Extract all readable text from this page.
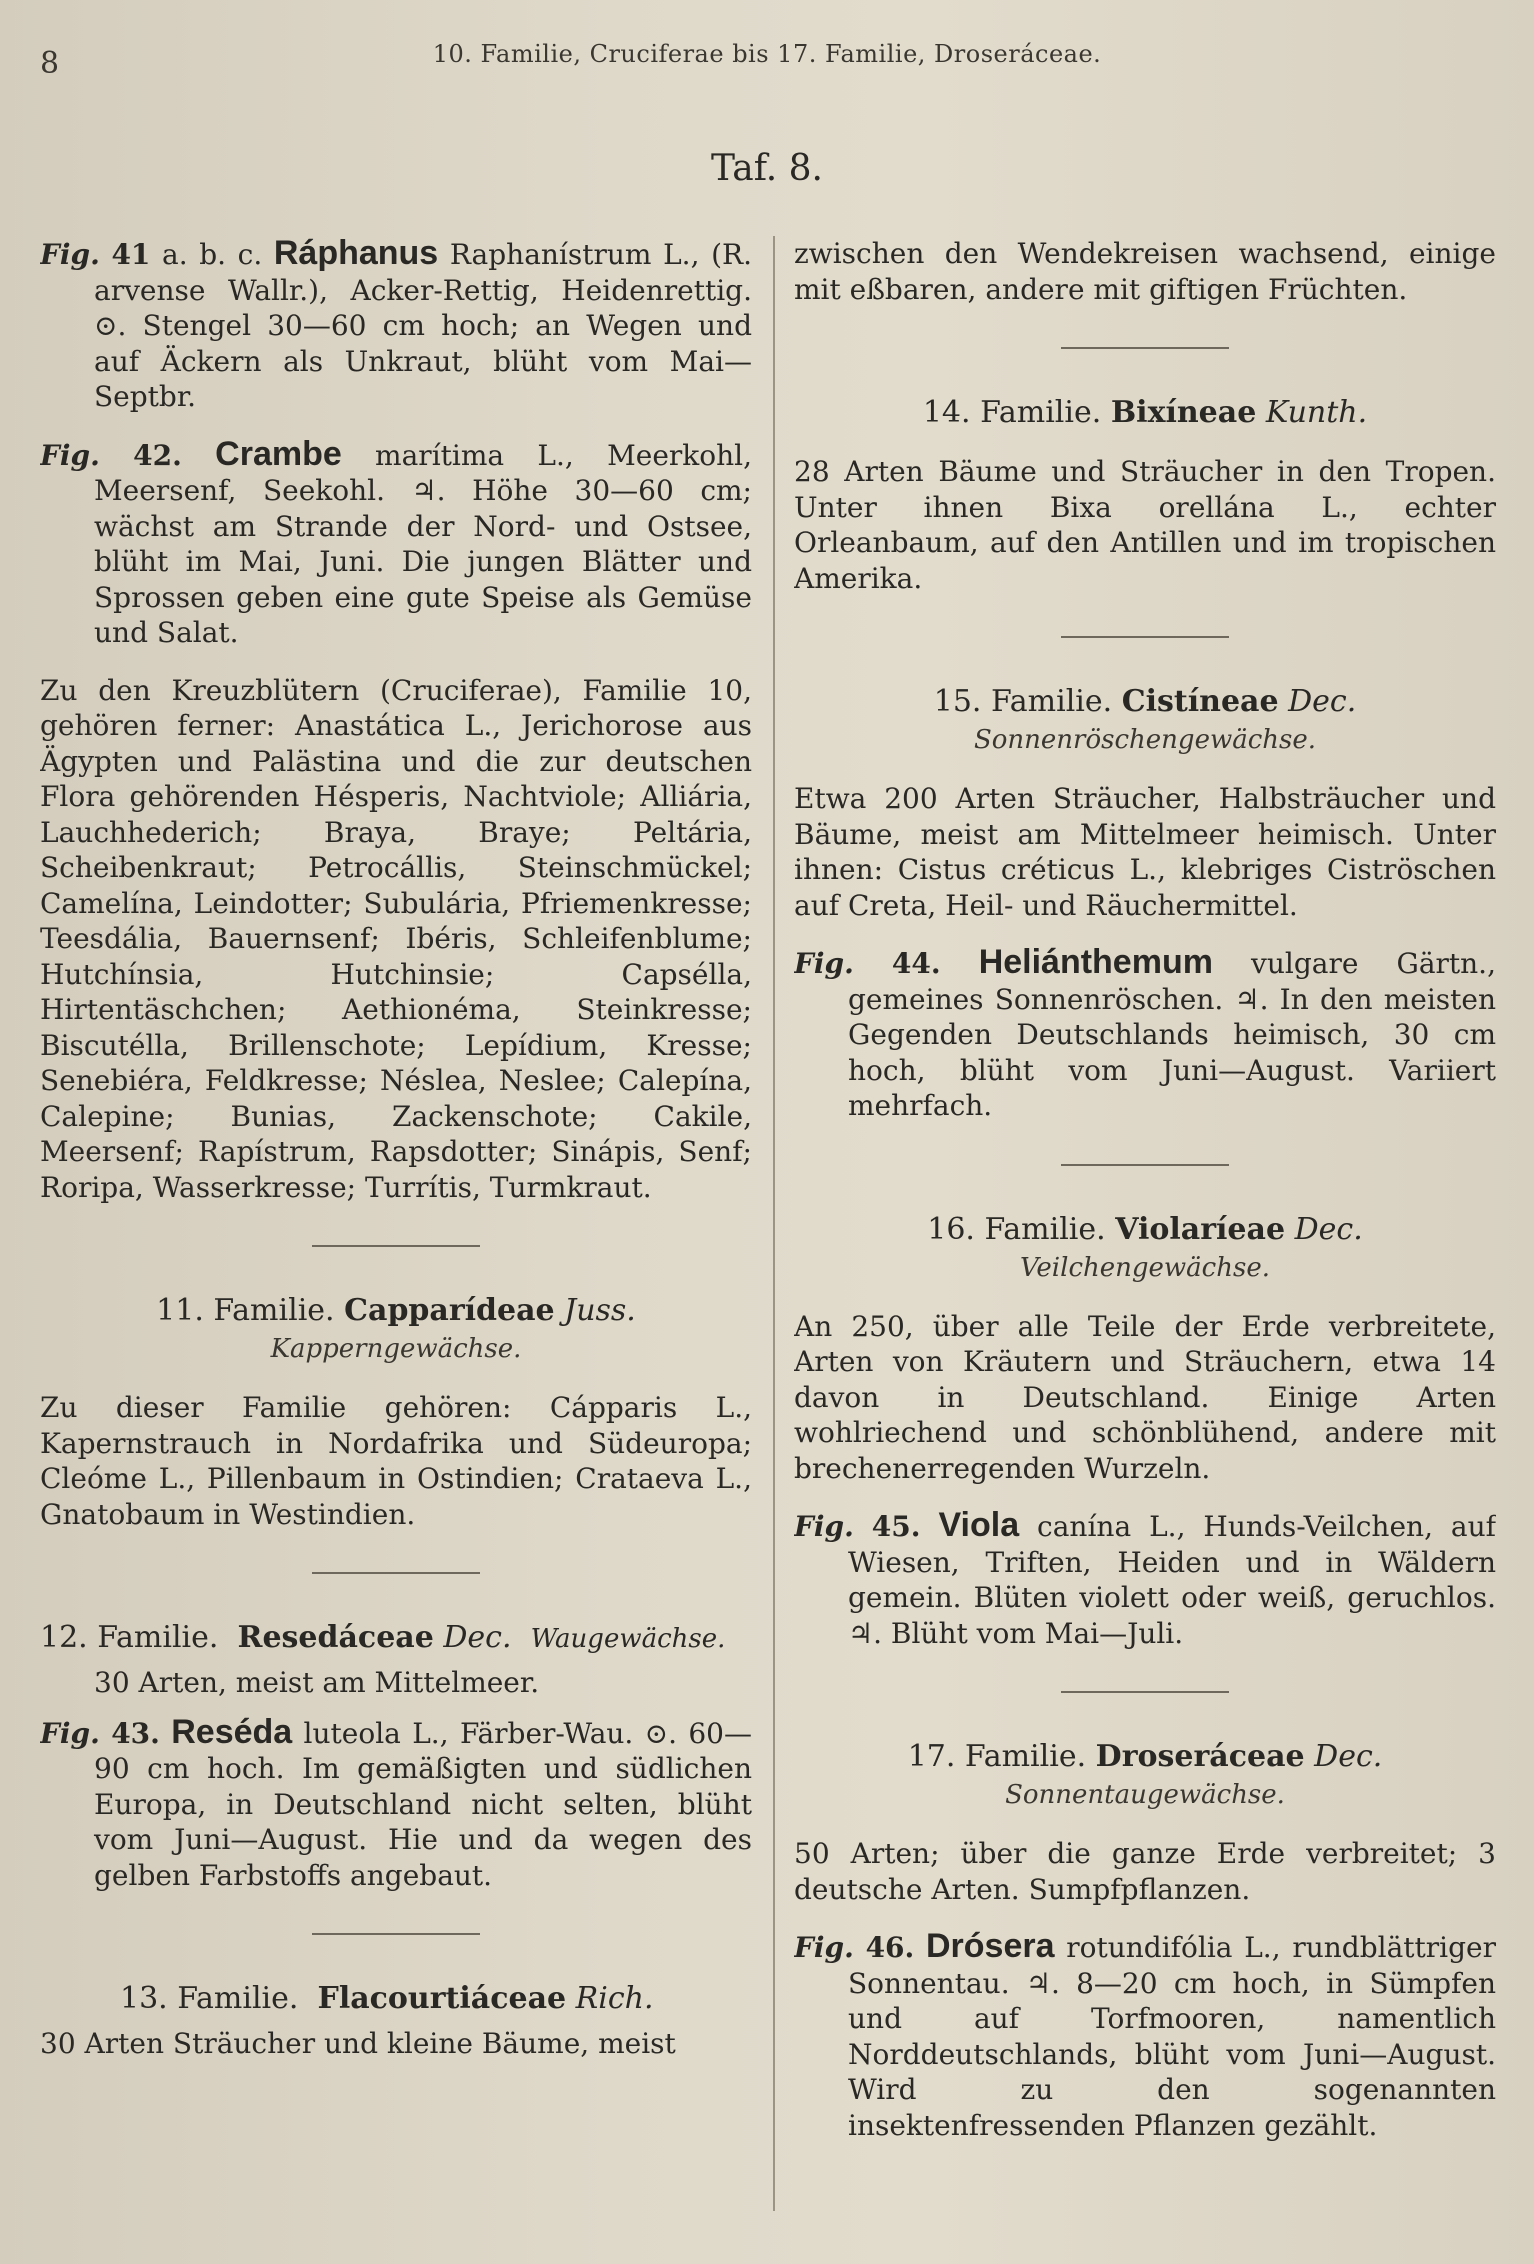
8	10. Familie, Cruciferae bis 17. Familie, Droseráceae.
Taf. 8.

Fig. 41 a. b. c. Ráphanus Raphanístrum L., (R. arvense Wallr.), Acker-Rettig, Heidenrettig. ⊙. Stengel 30—60 cm hoch; an Wegen und auf Äckern als Unkraut, blüht vom Mai—Septbr.

Fig. 42. Crambe marítima L., Meerkohl, Meersenf, Seekohl. ♃. Höhe 30—60 cm; wächst am Strande der Nord- und Ostsee, blüht im Mai, Juni. Die jungen Blätter und Sprossen geben eine gute Speise als Gemüse und Salat.

Zu den Kreuzblütern (Cruciferae), Familie 10, gehören ferner: Anastática L., Jerichorose aus Ägypten und Palästina und die zur deutschen Flora gehörenden Hésperis, Nachtviole; Alliária, Lauchhederich; Braya, Braye; Peltária, Scheibenkraut; Petrocállis, Steinschmückel; Camelína, Leindotter; Subulária, Pfriemenkresse; Teesdália, Bauernsenf; Ibéris, Schleifenblume; Hutchínsia, Hutchinsie; Capsélla, Hirtentäschchen; Aethionéma, Steinkresse; Biscutélla, Brillenschote; Lepídium, Kresse; Senebiéra, Feldkresse; Néslea, Neslee; Calepína, Calepine; Bunias, Zackenschote; Cakile, Meersenf; Rapístrum, Rapsdotter; Sinápis, Senf; Roripa, Wasserkresse; Turrítis, Turmkraut.

11. Familie. Capparídeae Juss.
Kapperngewächse.

Zu dieser Familie gehören: Cápparis L., Kapernstrauch in Nordafrika und Südeuropa; Cleóme L., Pillenbaum in Ostindien; Crataeva L., Gnatobaum in Westindien.

12. Familie. Resedáceae Dec. Waugewächse.

30 Arten, meist am Mittelmeer.

Fig. 43. Reséda luteola L., Färber-Wau. ⊙. 60—90 cm hoch. Im gemäßigten und südlichen Europa, in Deutschland nicht selten, blüht vom Juni—August. Hie und da wegen des gelben Farbstoffs angebaut.

13. Familie. Flacourtiáceae Rich.

30 Arten Sträucher und kleine Bäume, meist

zwischen den Wendekreisen wachsend, einige mit eßbaren, andere mit giftigen Früchten.

14. Familie. Bixíneae Kunth.

28 Arten Bäume und Sträucher in den Tropen. Unter ihnen Bixa orellána L., echter Orleanbaum, auf den Antillen und im tropischen Amerika.

15. Familie. Cistíneae Dec.
Sonnenröschengewächse.

Etwa 200 Arten Sträucher, Halbsträucher und Bäume, meist am Mittelmeer heimisch. Unter ihnen: Cistus créticus L., klebriges Ciströschen auf Creta, Heil- und Räuchermittel.

Fig. 44. Heliánthemum vulgare Gärtn., gemeines Sonnenröschen. ♃. In den meisten Gegenden Deutschlands heimisch, 30 cm hoch, blüht vom Juni—August. Variiert mehrfach.

16. Familie. Violaríeae Dec.
Veilchengewächse.

An 250, über alle Teile der Erde verbreitete, Arten von Kräutern und Sträuchern, etwa 14 davon in Deutschland. Einige Arten wohlriechend und schönblühend, andere mit brechenerregenden Wurzeln.

Fig. 45. Viola canína L., Hunds-Veilchen, auf Wiesen, Triften, Heiden und in Wäldern gemein. Blüten violett oder weiß, geruchlos. ♃. Blüht vom Mai—Juli.

17. Familie. Droseráceae Dec.
Sonnentaugewächse.

50 Arten; über die ganze Erde verbreitet; 3 deutsche Arten. Sumpfpflanzen.

Fig. 46. Drósera rotundifólia L., rundblättriger Sonnentau. ♃. 8—20 cm hoch, in Sümpfen und auf Torfmooren, namentlich Norddeutschlands, blüht vom Juni—August. Wird zu den sogenannten insektenfressenden Pflanzen gezählt.
